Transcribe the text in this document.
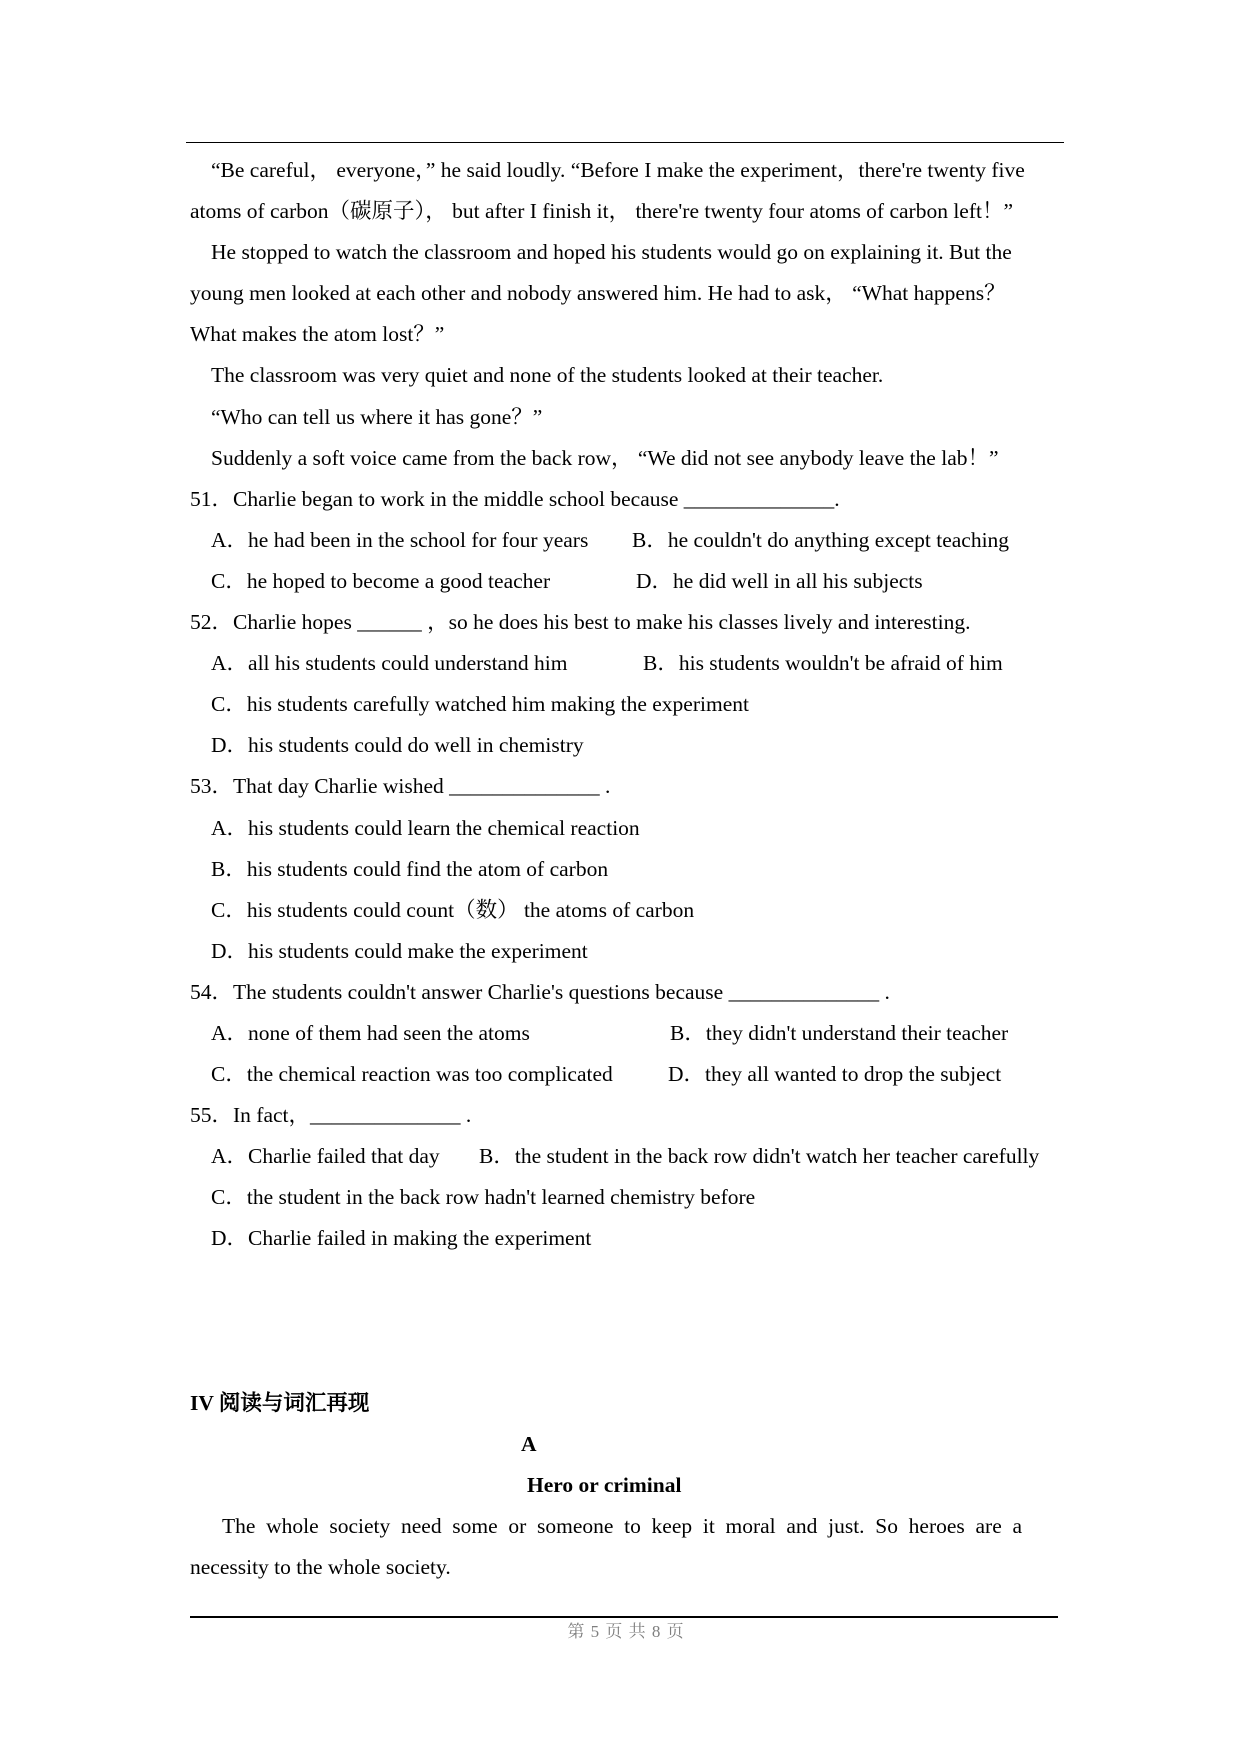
“Be careful， everyone，” he said loudly. “Before I make the experiment，there're twenty five
atoms of carbon（碳原子）， but after I finish it， there're twenty four atoms of carbon left！”
He stopped to watch the classroom and hoped his students would go on explaining it. But the
young men looked at each other and nobody answered him. He had to ask， “What happens？
What makes the atom lost？”
The classroom was very quiet and none of the students looked at their teacher.
“Who can tell us where it has gone？”
Suddenly a soft voice came from the back row， “We did not see anybody leave the lab！”
51．Charlie began to work in the middle school because ______________.
A．he had been in the school for four years B．he couldn't do anything except teaching
C．he hoped to become a good teacher	D．he did well in all his subjects
52．Charlie hopes ______ ，so he does his best to make his classes lively and interesting.
A．all his students could understand him	B．his students wouldn't be afraid of him
C．his students carefully watched him making the experiment
D．his students could do well in chemistry
53．That day Charlie wished ______________ .
A．his students could learn the chemical reaction
B．his students could find the atom of carbon
C．his students could count（数） the atoms of carbon
D．his students could make the experiment
54．The students couldn't answer Charlie's questions because ______________ .
A．none of them had seen the atoms	B．they didn't understand their teacher
C．the chemical reaction was too complicated	D．they all wanted to drop the subject
55．In fact，______________ .
A．Charlie failed that day B．the student in the back row didn't watch her teacher carefully
C．the student in the back row hadn't learned chemistry before
D．Charlie failed in making the experiment
IV 阅读与词汇再现
A
Hero or criminal
The whole society need some or someone to keep it moral and just. So heroes are a
necessity to the whole society.
第 5 页 共 8 页
